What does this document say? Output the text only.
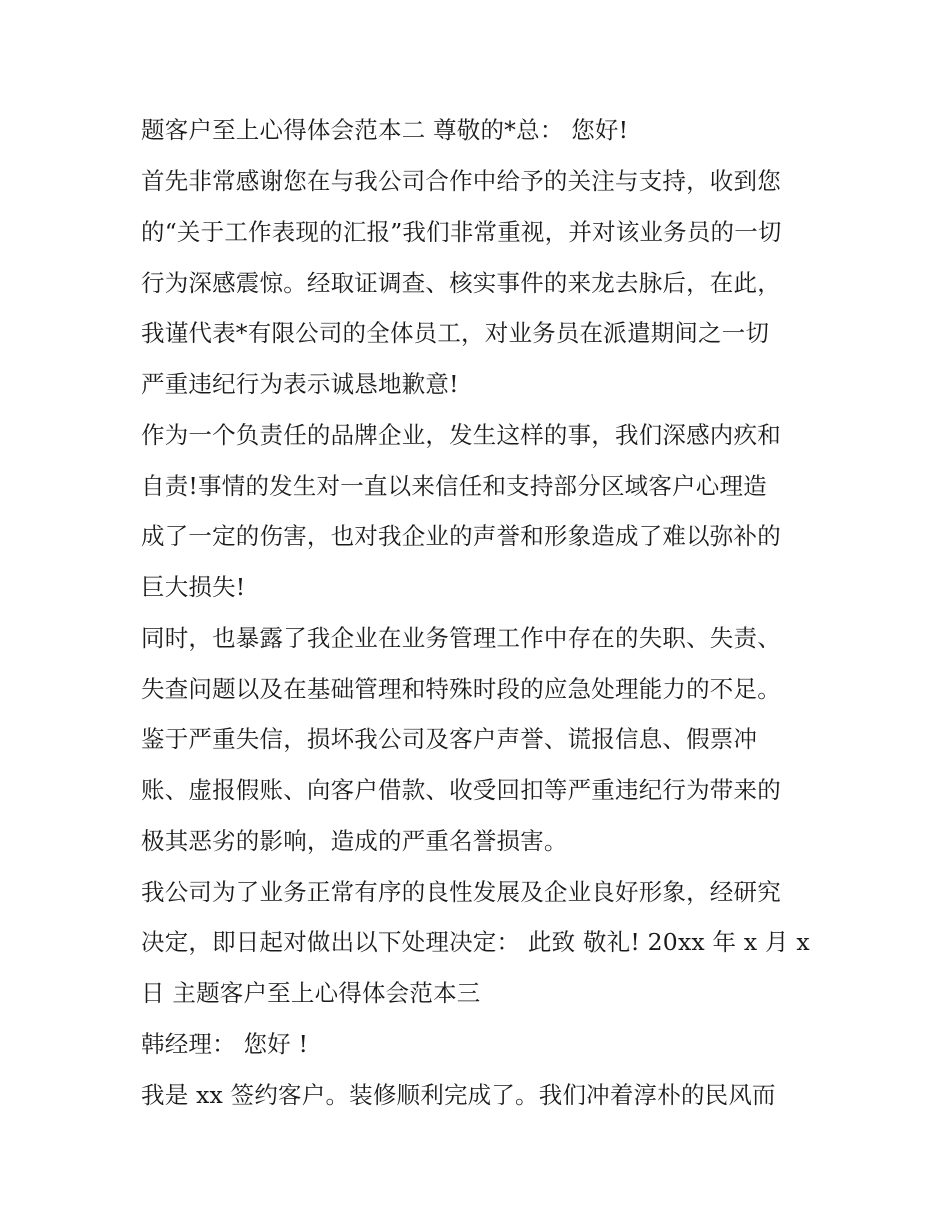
题客户至上心得体会范本二 尊敬的*总： 您好!
首先非常感谢您在与我公司合作中给予的关注与支持，收到您
的“关于工作表现的汇报”我们非常重视，并对该业务员的一切
行为深感震惊。经取证调查、核实事件的来龙去脉后，在此，
我谨代表*有限公司的全体员工，对业务员在派遣期间之一切
严重违纪行为表示诚恳地歉意!
作为一个负责任的品牌企业，发生这样的事，我们深感内疚和
自责!事情的发生对一直以来信任和支持部分区域客户心理造
成了一定的伤害，也对我企业的声誉和形象造成了难以弥补的
巨大损失!
同时，也暴露了我企业在业务管理工作中存在的失职、失责、
失查问题以及在基础管理和特殊时段的应急处理能力的不足。
鉴于严重失信，损坏我公司及客户声誉、谎报信息、假票冲
账、虚报假账、向客户借款、收受回扣等严重违纪行为带来的
极其恶劣的影响，造成的严重名誉损害。
我公司为了业务正常有序的良性发展及企业良好形象，经研究
决定，即日起对做出以下处理决定： 此致 敬礼! 20xx 年 x 月 x
日 主题客户至上心得体会范本三
韩经理： 您好 !
我是 xx 签约客户。装修顺利完成了。我们冲着淳朴的民风而
